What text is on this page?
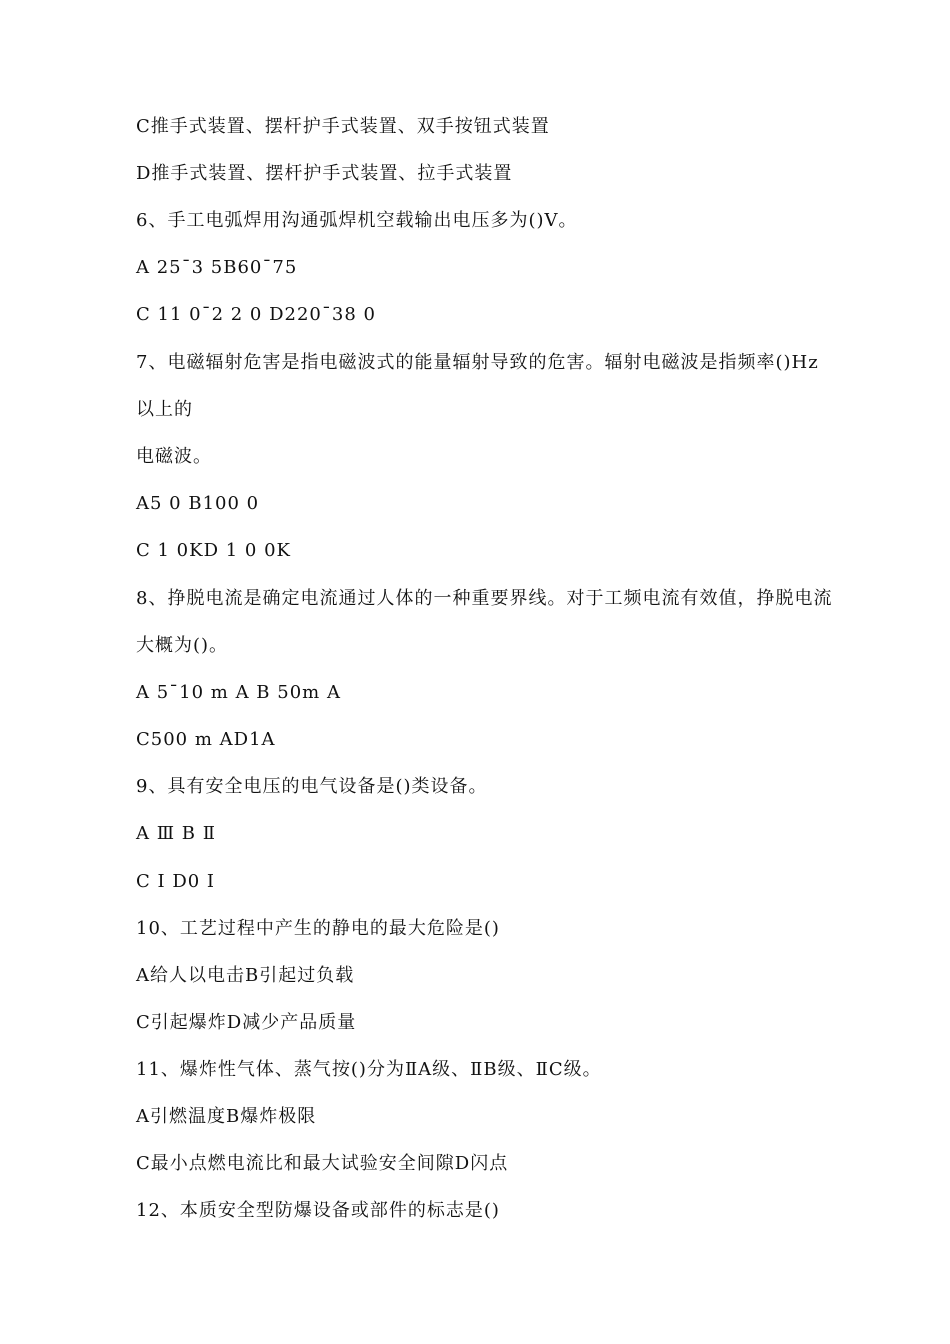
C推手式装置、摆杆护手式装置、双手按钮式装置
D推手式装置、摆杆护手式装置、拉手式装置
6、手工电弧焊用沟通弧焊机空载输出电压多为()V。
A 25¯3 5B60¯75
C 11 0¯2 2 0 D220¯38 0
7、电磁辐射危害是指电磁波式的能量辐射导致的危害。辐射电磁波是指频率()Hz
以上的
电磁波。
A5 0 B100 0
C 1 0KD 1 0 0K
8、挣脱电流是确定电流通过人体的一种重要界线。对于工频电流有效值，挣脱电流
大概为()。
A 5¯10 m A B 50m A
C500 m AD1A
9、具有安全电压的电气设备是()类设备。
A Ⅲ B Ⅱ
C Ⅰ D0 Ⅰ
10、工艺过程中产生的静电的最大危险是()
A给人以电击B引起过负载
C引起爆炸D减少产品质量
11、爆炸性气体、蒸气按()分为ⅡA级、ⅡB级、ⅡC级。
A引燃温度B爆炸极限
C最小点燃电流比和最大试验安全间隙D闪点
12、本质安全型防爆设备或部件的标志是()
